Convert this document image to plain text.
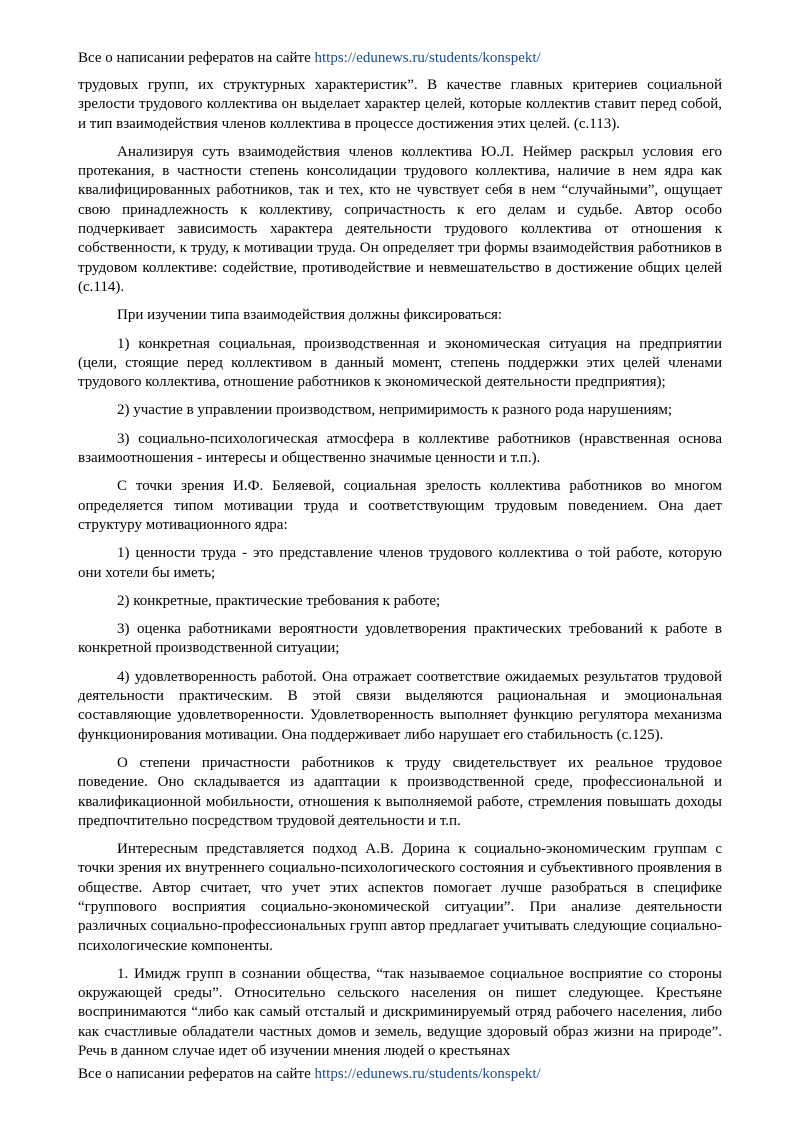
Все о написании рефератов на сайте https://edunews.ru/students/konspekt/

трудовых групп, их структурных характеристик”. В качестве главных критериев социальной зрелости трудового коллектива он выделает характер целей, которые коллектив ставит перед собой, и тип взаимодействия членов коллектива в процессе достижения этих целей. (с.113).

Анализируя суть взаимодействия членов коллектива Ю.Л. Неймер раскрыл условия его протекания, в частности степень консолидации трудового коллектива, наличие в нем ядра как квалифицированных работников, так и тех, кто не чувствует себя в нем “случайными”, ощущает свою принадлежность к коллективу, сопричастность к его делам и судьбе. Автор особо подчеркивает зависимость характера деятельности трудового коллектива от отношения к собственности, к труду, к мотивации труда. Он определяет три формы взаимодействия работников в трудовом коллективе: содействие, противодействие и невмешательство в достижение общих целей (с.114).

При изучении типа взаимодействия должны фиксироваться:

1) конкретная социальная, производственная и экономическая ситуация на предприятии (цели, стоящие перед коллективом в данный момент, степень поддержки этих целей членами трудового коллектива, отношение работников к экономической деятельности предприятия);

2) участие в управлении производством, непримиримость к разного рода нарушениям;

3) социально-психологическая атмосфера в коллективе работников (нравственная основа взаимоотношения - интересы и общественно значимые ценности и т.п.).

С точки зрения И.Ф. Беляевой, социальная зрелость коллектива работников во многом определяется типом мотивации труда и соответствующим трудовым поведением. Она дает структуру мотивационного ядра:

1) ценности труда - это представление членов трудового коллектива о той работе, которую они хотели бы иметь;

2) конкретные, практические требования к работе;

3) оценка работниками вероятности удовлетворения практических требований к работе в конкретной производственной ситуации;

4) удовлетворенность работой. Она отражает соответствие ожидаемых результатов трудовой деятельности практическим. В этой связи выделяются рациональная и эмоциональная составляющие удовлетворенности. Удовлетворенность выполняет функцию регулятора механизма функционирования мотивации. Она поддерживает либо нарушает его стабильность (с.125).

О степени причастности работников к труду свидетельствует их реальное трудовое поведение. Оно складывается из адаптации к производственной среде, профессиональной и квалификационной мобильности, отношения к выполняемой работе, стремления повышать доходы предпочтительно посредством трудовой деятельности и т.п.

Интересным представляется подход А.В. Дорина к социально-экономическим группам с точки зрения их внутреннего социально-психологического состояния и субъективного проявления в обществе. Автор считает, что учет этих аспектов помогает лучше разобраться в специфике “группового восприятия социально-экономической ситуации”. При анализе деятельности различных социально-профессиональных групп автор предлагает учитывать следующие социально-психологические компоненты.

1. Имидж групп в сознании общества, “так называемое социальное восприятие со стороны окружающей среды”. Относительно сельского населения он пишет следующее. Крестьяне воспринимаются “либо как самый отсталый и дискриминируемый отряд рабочего населения, либо как счастливые обладатели частных домов и земель, ведущие здоровый образ жизни на природе”. Речь в данном случае идет об изучении мнения людей о крестьянах

Все о написании рефератов на сайте https://edunews.ru/students/konspekt/
